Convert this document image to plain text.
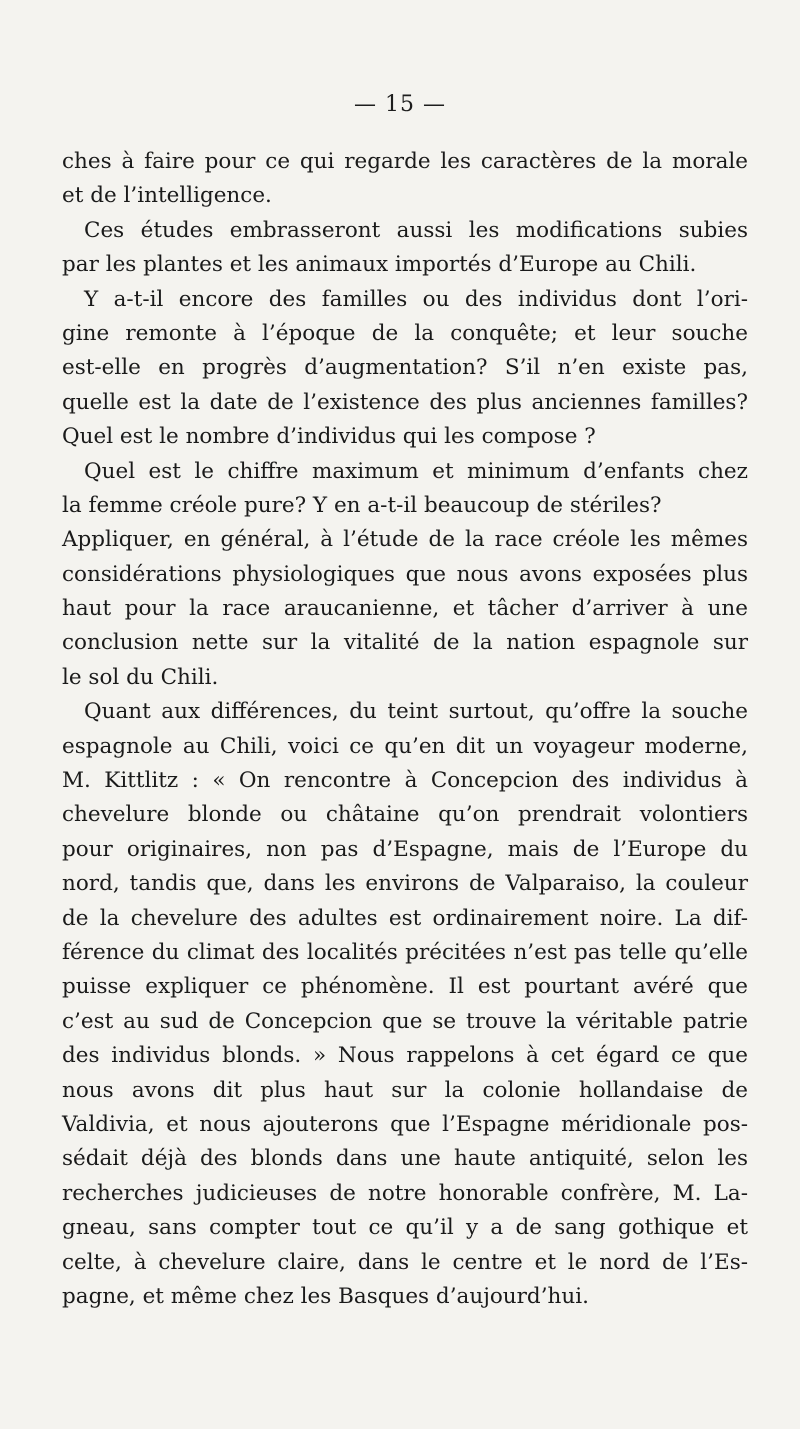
— 15 —
ches à faire pour ce qui regarde les caractères de la morale
et de l’intelligence.
Ces études embrasseront aussi les modifications subies
par les plantes et les animaux importés d’Europe au Chili.
Y a-t-il encore des familles ou des individus dont l’ori-
gine remonte à l’époque de la conquête; et leur souche
est-elle en progrès d’augmentation? S’il n’en existe pas,
quelle est la date de l’existence des plus anciennes familles?
Quel est le nombre d’individus qui les compose ?
Quel est le chiffre maximum et minimum d’enfants chez
la femme créole pure? Y en a-t-il beaucoup de stériles?
Appliquer, en général, à l’étude de la race créole les mêmes
considérations physiologiques que nous avons exposées plus
haut pour la race araucanienne, et tâcher d’arriver à une
conclusion nette sur la vitalité de la nation espagnole sur
le sol du Chili.
Quant aux différences, du teint surtout, qu’offre la souche
espagnole au Chili, voici ce qu’en dit un voyageur moderne,
M. Kittlitz : « On rencontre à Concepcion des individus à
chevelure blonde ou châtaine qu’on prendrait volontiers
pour originaires, non pas d’Espagne, mais de l’Europe du
nord, tandis que, dans les environs de Valparaiso, la couleur
de la chevelure des adultes est ordinairement noire. La dif-
férence du climat des localités précitées n’est pas telle qu’elle
puisse expliquer ce phénomène. Il est pourtant avéré que
c’est au sud de Concepcion que se trouve la véritable patrie
des individus blonds. » Nous rappelons à cet égard ce que
nous avons dit plus haut sur la colonie hollandaise de
Valdivia, et nous ajouterons que l’Espagne méridionale pos-
sédait déjà des blonds dans une haute antiquité, selon les
recherches judicieuses de notre honorable confrère, M. La-
gneau, sans compter tout ce qu’il y a de sang gothique et
celte, à chevelure claire, dans le centre et le nord de l’Es-
pagne, et même chez les Basques d’aujourd’hui.
